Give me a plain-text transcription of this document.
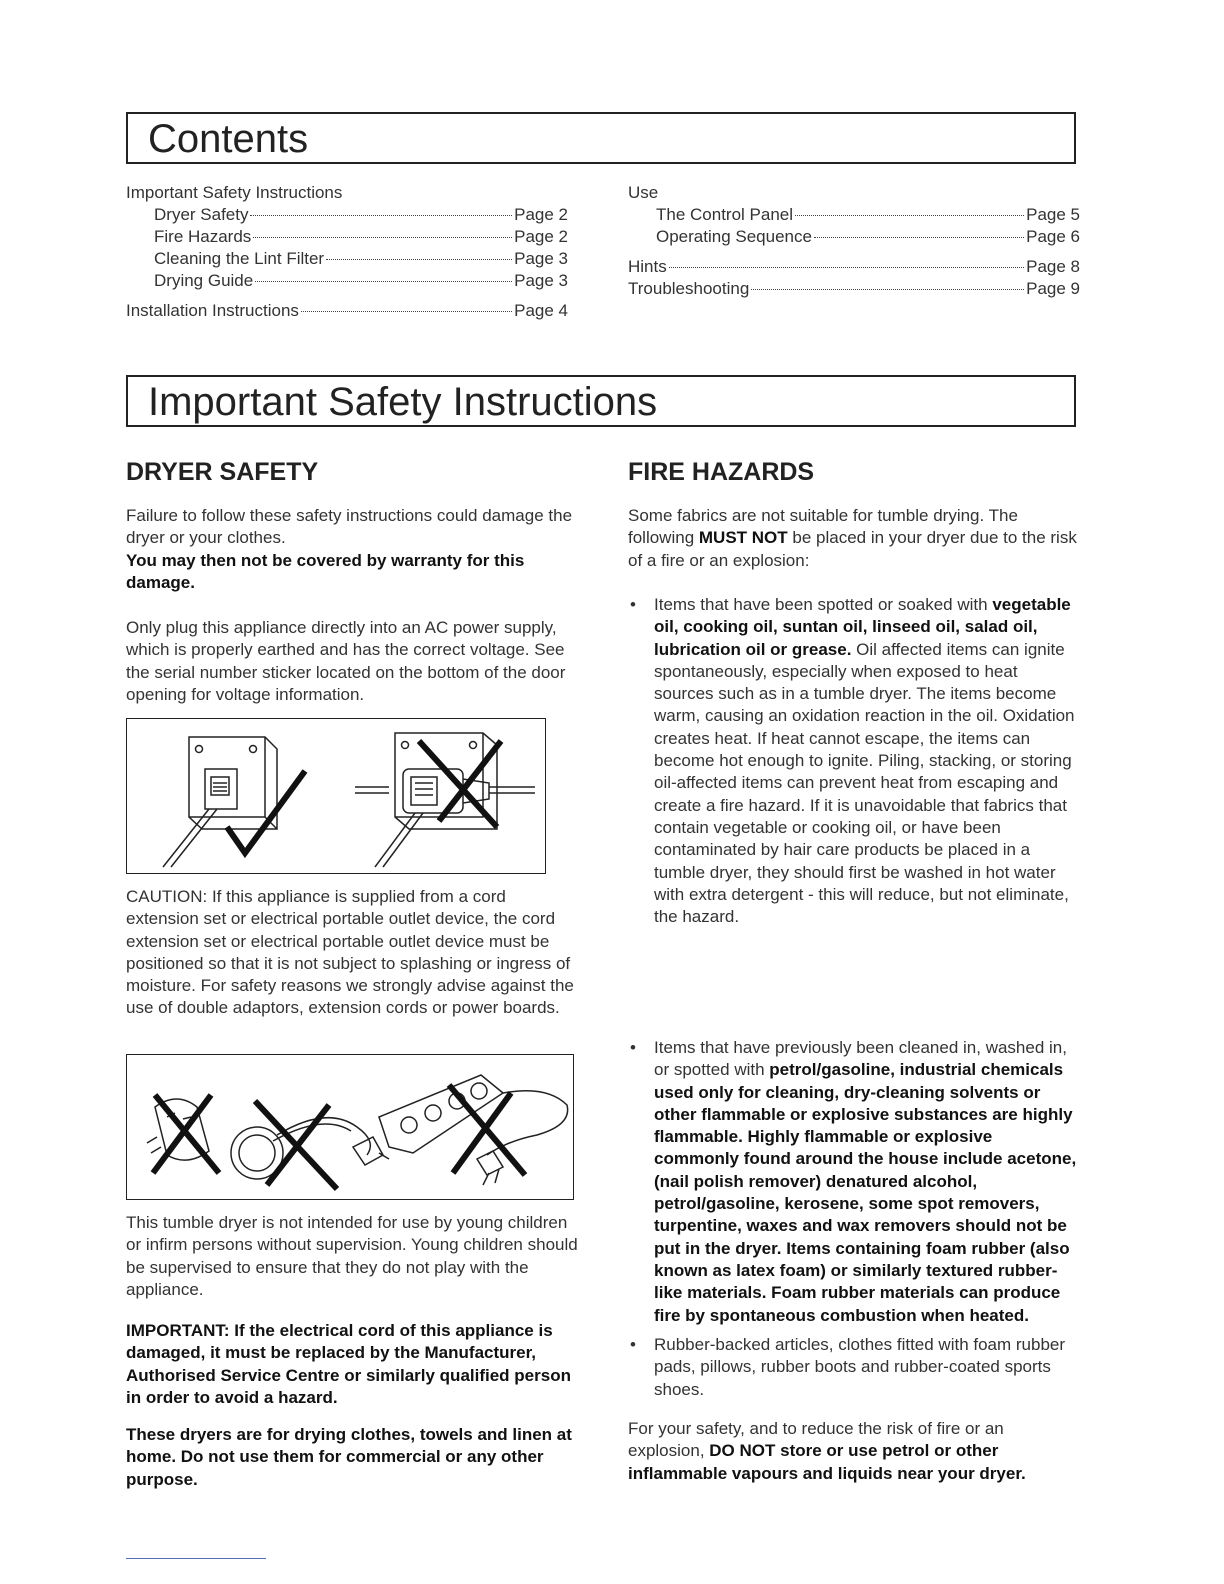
Contents
Important Safety Instructions
Dryer Safety	Page 2
Fire Hazards	Page 2
Cleaning the Lint Filter	Page 3
Drying Guide	Page 3
Installation Instructions	Page 4
Use
The Control Panel	Page 5
Operating Sequence	Page 6
Hints	Page 8
Troubleshooting	Page 9
Important Safety Instructions
DRYER SAFETY

Failure to follow these safety instructions could damage the dryer or your clothes.

You may then not be covered by warranty for this damage.

Only plug this appliance directly into an AC power supply, which is properly earthed and has the correct voltage. See the serial number sticker located on the bottom of the door opening for voltage information.

CAUTION: If this appliance is supplied from a cord extension set or electrical portable outlet device, the cord extension set or electrical portable outlet device must be positioned so that it is not subject to splashing or ingress of moisture. For safety reasons we strongly advise against the use of double adaptors, extension cords or power boards.

This tumble dryer is not intended for use by young children or infirm persons without supervision. Young children should be supervised to ensure that they do not play with the appliance.

IMPORTANT: If the electrical cord of this appliance is damaged, it must be replaced by the Manufacturer, Authorised Service Centre or similarly qualified person in order to avoid a hazard.

These dryers are for drying clothes, towels and linen at home. Do not use them for commercial or any other purpose.

FIRE HAZARDS

Some fabrics are not suitable for tumble drying. The following MUST NOT be placed in your dryer due to the risk of a fire or an explosion:

• Items that have been spotted or soaked with vegetable oil, cooking oil, suntan oil, linseed oil, salad oil, lubrication oil or grease. Oil affected items can ignite spontaneously, especially when exposed to heat sources such as in a tumble dryer. The items become warm, causing an oxidation reaction in the oil. Oxidation creates heat. If heat cannot escape, the items can become hot enough to ignite. Piling, stacking, or storing oil-affected items can prevent heat from escaping and create a fire hazard. If it is unavoidable that fabrics that contain vegetable or cooking oil, or have been contaminated by hair care products be placed in a tumble dryer, they should first be washed in hot water with extra detergent - this will reduce, but not eliminate, the hazard.

• Items that have previously been cleaned in, washed in, or spotted with petrol/gasoline, industrial chemicals used only for cleaning, dry-cleaning solvents or other flammable or explosive substances are highly flammable. Highly flammable or explosive commonly found around the house include acetone, (nail polish remover) denatured alcohol, petrol/gasoline, kerosene, some spot removers, turpentine, waxes and wax removers should not be put in the dryer. Items containing foam rubber (also known as latex foam) or similarly textured rubber-like materials. Foam rubber materials can produce fire by spontaneous combustion when heated.

• Rubber-backed articles, clothes fitted with foam rubber pads, pillows, rubber boots and rubber-coated sports shoes.

For your safety, and to reduce the risk of fire or an explosion, DO NOT store or use petrol or other inflammable vapours and liquids near your dryer.
